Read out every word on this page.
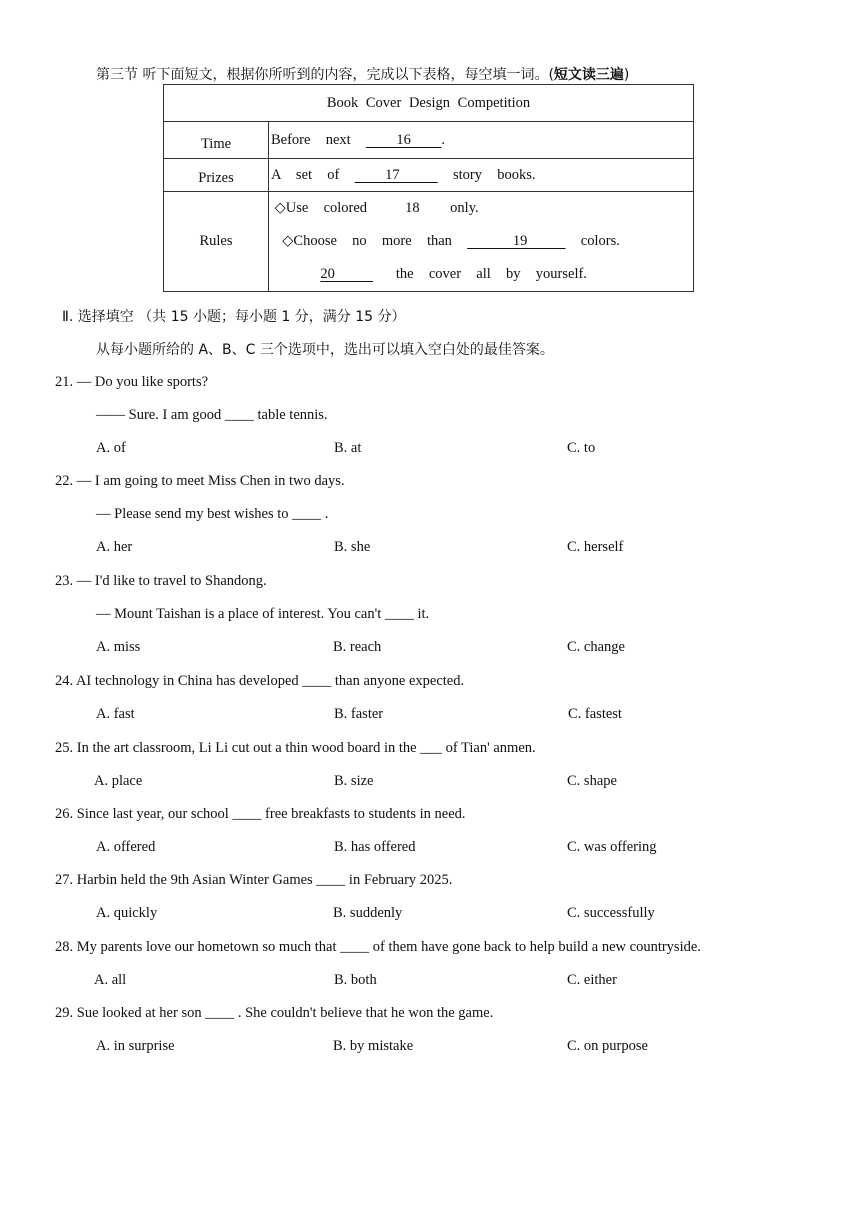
第三节 听下面短文，根据你所听到的内容，完成以下表格，每空填一词。(短文读三遍)
Book Cover Design Competition	
Time	Before  next      16    .
Prizes	A  set  of      17       story  books.
Rules	◇Use  colored     18    only.
◇Choose  no  more  than        19       colors.
20        the  cover  all  by  yourself.
Ⅱ. 选择填空 （共 15 小题；每小题 1 分，满分 15 分）
从每小题所给的 A、B、C 三个选项中，选出可以填入空白处的最佳答案。
21. — Do you like sports?
—— Sure. I am good ____ table tennis.
A. of	B. at	C. to
22. — I am going to meet Miss Chen in two days.
— Please send my best wishes to ____ .
A. her	B. she	C. herself
23. — I'd like to travel to Shandong.
— Mount Taishan is a place of interest. You can't ____ it.
A. miss	B. reach	C. change
24. AI technology in China has developed ____ than anyone expected.
A. fast	B. faster	C. fastest
25. In the art classroom, Li Li cut out a thin wood board in the ___ of Tian' anmen.
A. place	B. size	C. shape
26. Since last year, our school ____ free breakfasts to students in need.
A. offered	B. has offered	C. was offering
27. Harbin held the 9th Asian Winter Games ____ in February 2025.
A. quickly	B. suddenly	C. successfully
28. My parents love our hometown so much that ____ of them have gone back to help build a new countryside.
A. all	B. both	C. either
29. Sue looked at her son ____ . She couldn't believe that he won the game.
A. in surprise	B. by mistake	C. on purpose
